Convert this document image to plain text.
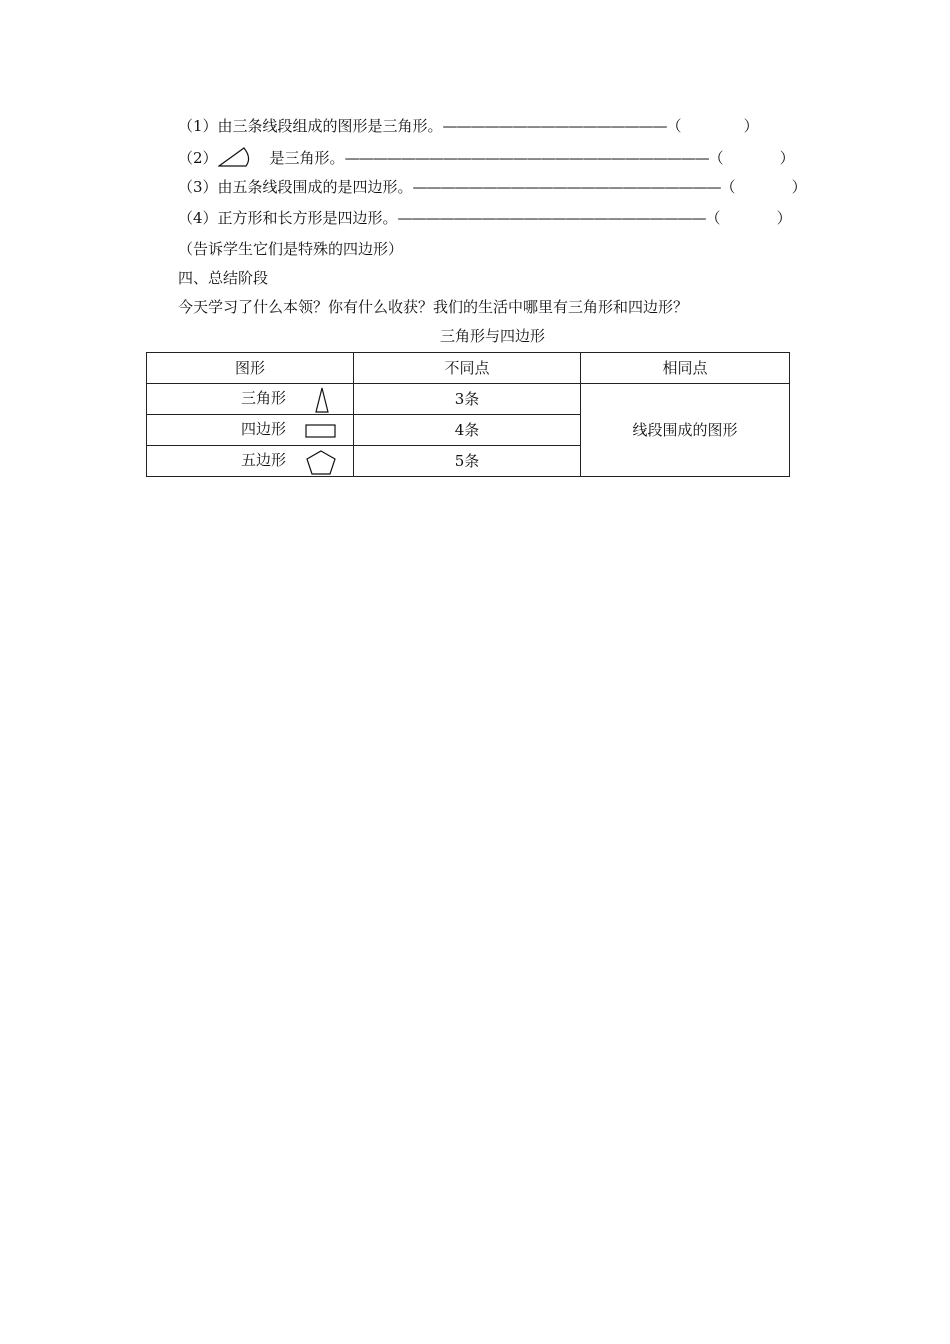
（1）由三条线段组成的图形是三角形。————————————————（	）
（2）	是三角形。——————————————————————————（	）
（3）由五条线段围成的是四边形。——————————————————————（	）
（4）正方形和长方形是四边形。——————————————————————（	）
（告诉学生它们是特殊的四边形）
四、总结阶段
今天学习了什么本领？你有什么收获？我们的生活中哪里有三角形和四边形？
三角形与四边形
图形	不同点	相同点

三角形	3条	线段围成的图形

四边形	4条	

五边形	5条	
